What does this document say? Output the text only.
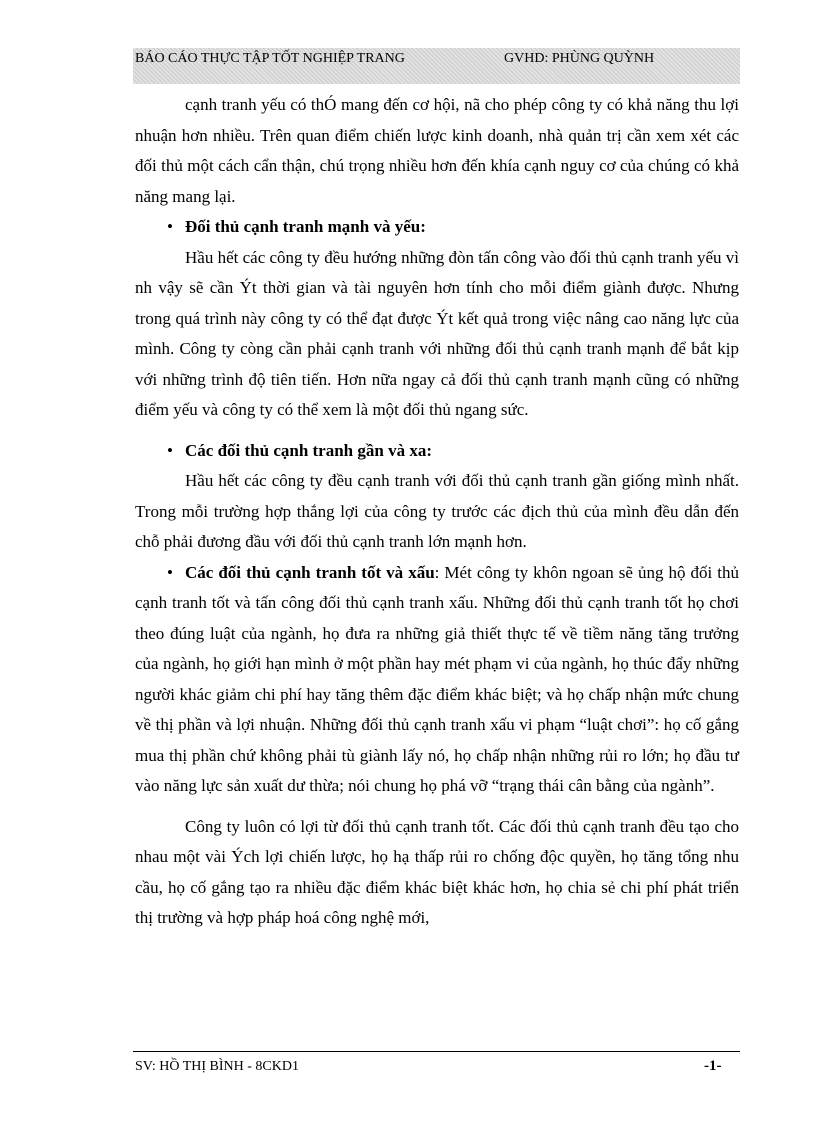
BÁO CÁO THỰC TẬP TỐT NGHIỆP TRANG	GVHD: PHÙNG QUỲNH

cạnh tranh yếu có thÓ mang đến cơ hội, nã cho phép công ty có khả năng thu lợi nhuận hơn nhiều. Trên quan điểm chiến lược kinh doanh, nhà quản trị cần xem xét các đối thủ một cách cẩn thận, chú trọng nhiều hơn đến khía cạnh nguy cơ của chúng có khả năng mang lại.

• Đối thủ cạnh tranh mạnh và yếu:

Hầu hết các công ty đều hướng những đòn tấn công vào đối thủ cạnh tranh yếu vì nh vậy sẽ cần Ýt thời gian và tài nguyên hơn tính cho mỗi điểm giành được. Nhưng trong quá trình này công ty có thể đạt được Ýt kết quả trong việc nâng cao năng lực của mình. Công ty còng cần phải cạnh tranh với những đối thủ cạnh tranh mạnh để bắt kịp với những trình độ tiên tiến. Hơn nữa ngay cả đối thủ cạnh tranh mạnh cũng có những điểm yếu và công ty có thể xem là một đối thủ ngang sức.

• Các đối thủ cạnh tranh gần và xa:

Hầu hết các công ty đều cạnh tranh với đối thủ cạnh tranh gần giống mình nhất. Trong mỗi trường hợp thắng lợi của công ty trước các địch thủ của mình đều dẫn đến chỗ phải đương đầu với đối thủ cạnh tranh lớn mạnh hơn.

• Các đối thủ cạnh tranh tốt và xấu: Mét công ty khôn ngoan sẽ ủng hộ đối thủ cạnh tranh tốt và tấn công đối thủ cạnh tranh xấu. Những đối thủ cạnh tranh tốt họ chơi theo đúng luật của ngành, họ đưa ra những giả thiết thực tế về tiềm năng tăng trưởng của ngành, họ giới hạn mình ở một phần hay mét phạm vi của ngành, họ thúc đẩy những người khác giảm chi phí hay tăng thêm đặc điểm khác biệt; và họ chấp nhận mức chung về thị phần và lợi nhuận. Những đối thủ cạnh tranh xấu vi phạm “luật chơi”: họ cố gắng mua thị phần chứ không phải tù giành lấy nó, họ chấp nhận những rủi ro lớn; họ đầu tư vào năng lực sản xuất dư thừa; nói chung họ phá vỡ “trạng thái cân bằng của ngành”.

Công ty luôn có lợi từ đối thủ cạnh tranh tốt. Các đối thủ cạnh tranh đều tạo cho nhau một vài Ých lợi chiến lược, họ hạ thấp rủi ro chống độc quyền, họ tăng tổng nhu cầu, họ cố gắng tạo ra nhiều đặc điểm khác biệt khác hơn, họ chia sẻ chi phí phát triển thị trường và hợp pháp hoá công nghệ mới,

SV: HỒ THỊ BÌNH - 8CKD1	-1-
